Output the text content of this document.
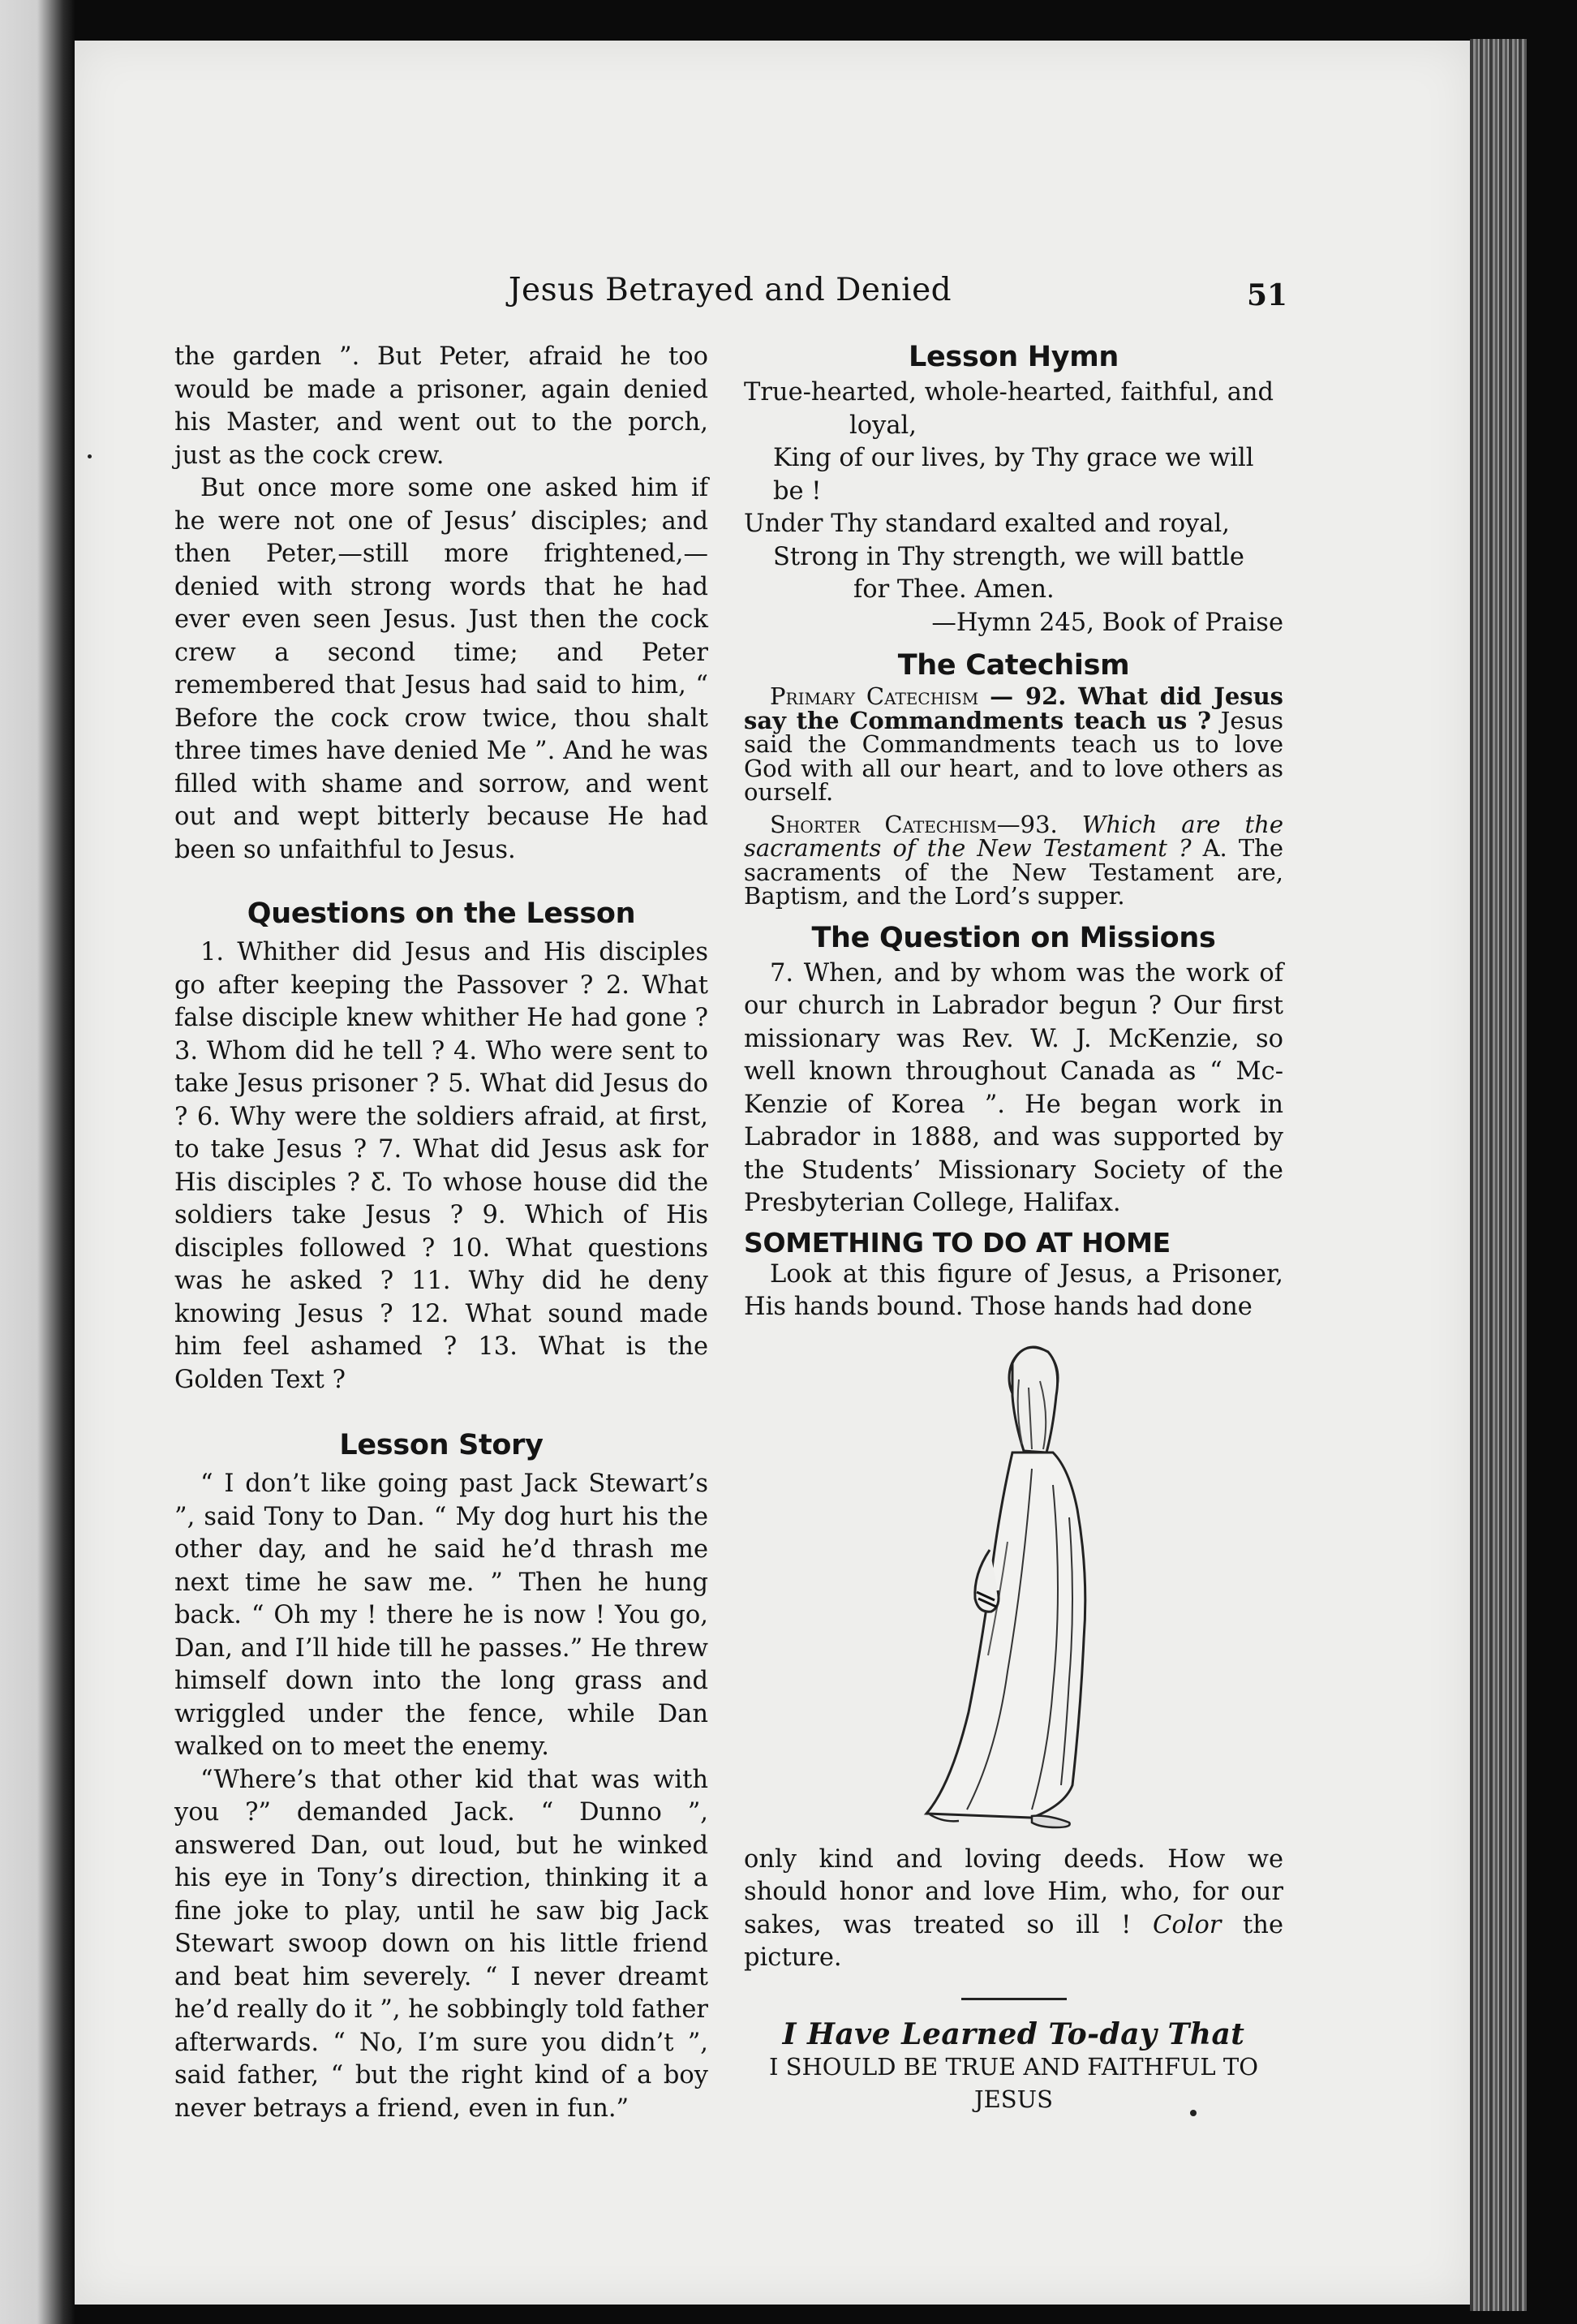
Jesus Betrayed and Denied	51

the garden ”. But Peter, afraid he too would be made a prisoner, again denied his Master, and went out to the porch, just as the cock crew.

But once more some one asked him if he were not one of Jesus’ disciples; and then Peter,—still more frightened,—denied with strong words that he had ever even seen Jesus. Just then the cock crew a second time; and Peter remembered that Jesus had said to him, “ Before the cock crow twice, thou shalt three times have denied Me ”. And he was filled with shame and sorrow, and went out and wept bitterly because He had been so unfaithful to Jesus.

Questions on the Lesson

1. Whither did Jesus and His disciples go after keeping the Passover ? 2. What false disciple knew whither He had gone ? 3. Whom did he tell ? 4. Who were sent to take Jesus prisoner ? 5. What did Jesus do ? 6. Why were the soldiers afraid, at first, to take Jesus ? 7. What did Jesus ask for His disciples ? Ƹ. To whose house did the soldiers take Jesus ? 9. Which of His disciples followed ? 10. What questions was he asked ? 11. Why did he deny knowing Jesus ? 12. What sound made him feel ashamed ? 13. What is the Golden Text ?

Lesson Story

“ I don’t like going past Jack Stewart’s ”, said Tony to Dan. “ My dog hurt his the other day, and he said he’d thrash me next time he saw me. ” Then he hung back. “ Oh my ! there he is now ! You go, Dan, and I’ll hide till he passes.” He threw himself down into the long grass and wriggled under the fence, while Dan walked on to meet the enemy.

“Where’s that other kid that was with you ?” demanded Jack. “ Dunno ”, answered Dan, out loud, but he winked his eye in Tony’s direction, thinking it a fine joke to play, until he saw big Jack Stewart swoop down on his little friend and beat him severely. “ I never dreamt he’d really do it ”, he sobbingly told father afterwards. “ No, I’m sure you didn’t ”, said father, “ but the right kind of a boy never betrays a friend, even in fun.”

Lesson Hymn

True-hearted, whole-hearted, faithful, and

loyal,

King of our lives, by Thy grace we will be !

Under Thy standard exalted and royal,

Strong in Thy strength, we will battle

for Thee. Amen.

—Hymn 245, Book of Praise

The Catechism

Primary Catechism — 92. What did Jesus say the Commandments teach us ? Jesus said the Commandments teach us to love God with all our heart, and to love others as ourself.

Shorter Catechism—93. Which are the sacraments of the New Testament ? A. The sacraments of the New Testament are, Baptism, and the Lord’s supper.

The Question on Missions

7. When, and by whom was the work of our church in Labrador begun ? Our first missionary was Rev. W. J. McKenzie, so well known throughout Canada as “ Mc-Kenzie of Korea ”. He began work in Labrador in 1888, and was supported by the Students’ Missionary Society of the Presbyterian College, Halifax.

SOMETHING TO DO AT HOME

Look at this figure of Jesus, a Prisoner, His hands bound. Those hands had done

only kind and loving deeds. How we should honor and love Him, who, for our sakes, was treated so ill ! Color the picture.

I Have Learned To-day That

I SHOULD BE TRUE AND FAITHFUL TO JESUS
